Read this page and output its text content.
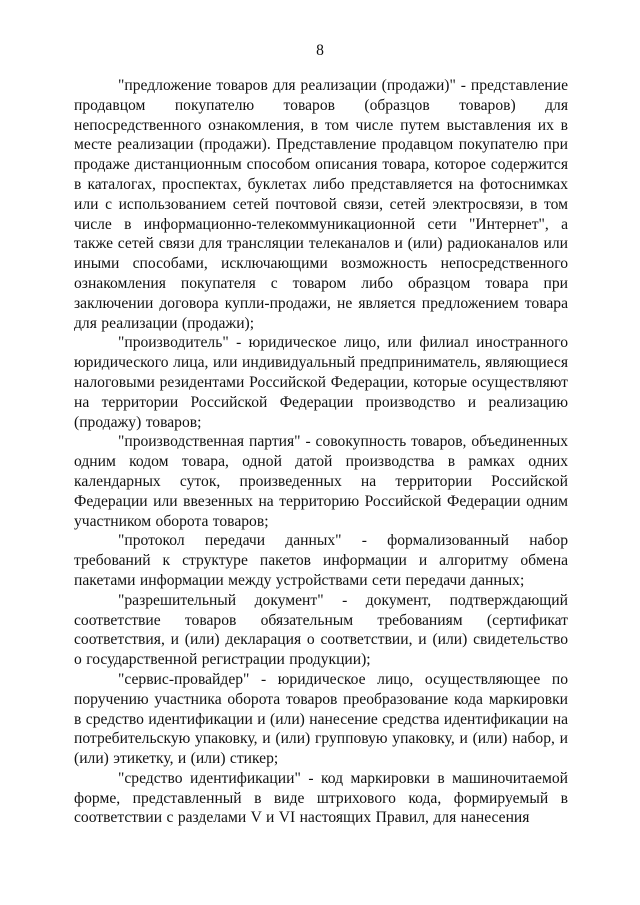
8

"предложение товаров для реализации (продажи)" - представление продавцом покупателю товаров (образцов товаров) для непосредственного ознакомления, в том числе путем выставления их в месте реализации (продажи). Представление продавцом покупателю при продаже дистанционным способом описания товара, которое содержится в каталогах, проспектах, буклетах либо представляется на фотоснимках или с использованием сетей почтовой связи, сетей электросвязи, в том числе в информационно-телекоммуникационной сети "Интернет", а также сетей связи для трансляции телеканалов и (или) радиоканалов или иными способами, исключающими возможность непосредственного ознакомления покупателя с товаром либо образцом товара при заключении договора купли-продажи, не является предложением товара для реализации (продажи);

"производитель" - юридическое лицо, или филиал иностранного юридического лица, или индивидуальный предприниматель, являющиеся налоговыми резидентами Российской Федерации, которые осуществляют на территории Российской Федерации производство и реализацию (продажу) товаров;

"производственная партия" - совокупность товаров, объединенных одним кодом товара, одной датой производства в рамках одних календарных суток, произведенных на территории Российской Федерации или ввезенных на территорию Российской Федерации одним участником оборота товаров;

"протокол передачи данных" - формализованный набор требований к структуре пакетов информации и алгоритму обмена пакетами информации между устройствами сети передачи данных;

"разрешительный документ" - документ, подтверждающий соответствие товаров обязательным требованиям (сертификат соответствия, и (или) декларация о соответствии, и (или) свидетельство о государственной регистрации продукции);

"сервис-провайдер" - юридическое лицо, осуществляющее по поручению участника оборота товаров преобразование кода маркировки в средство идентификации и (или) нанесение средства идентификации на потребительскую упаковку, и (или) групповую упаковку, и (или) набор, и (или) этикетку, и (или) стикер;

"средство идентификации" - код маркировки в машиночитаемой форме, представленный в виде штрихового кода, формируемый в соответствии с разделами V и VI настоящих Правил, для нанесения
